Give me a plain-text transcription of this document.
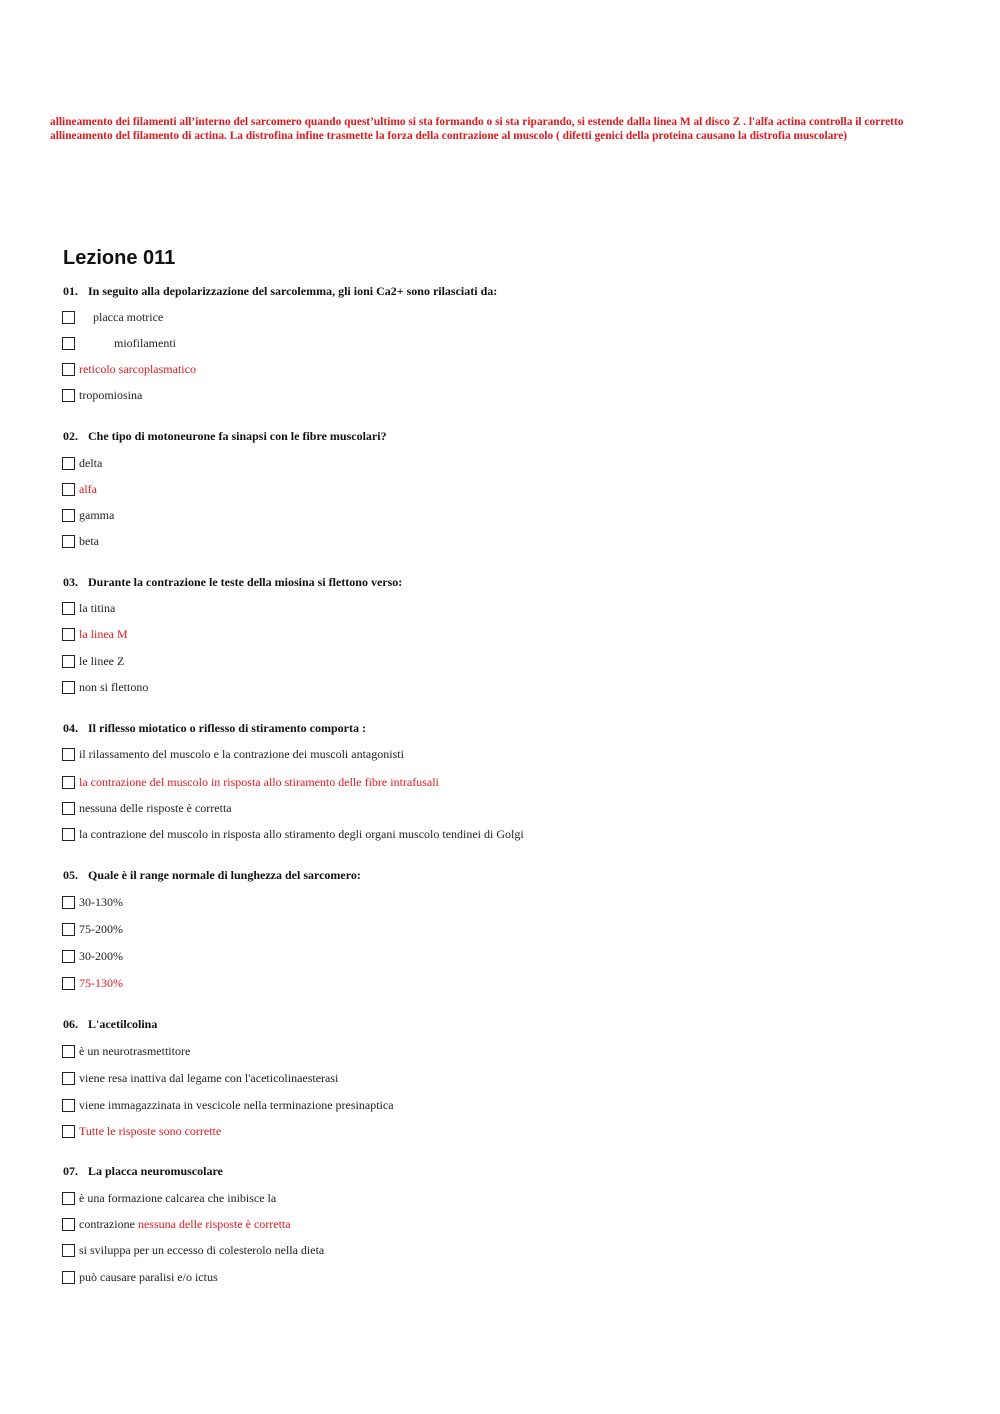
allineamento dei filamenti all’interno del sarcomero quando quest’ultimo si sta formando o si sta riparando, si estende dalla linea M al disco Z . l'alfa actina controlla il corretto
allineamento del filamento di actina. La distrofina infine trasmette la forza della contrazione al muscolo ( difetti genici della proteina causano la distrofia muscolare)
Lezione 011
01. In seguito alla depolarizzazione del sarcolemma, gli ioni Ca2+ sono rilasciati da:
placca motrice
miofilamenti
reticolo sarcoplasmatico
tropomiosina
02. Che tipo di motoneurone fa sinapsi con le fibre muscolari?
delta
alfa
gamma
beta
03. Durante la contrazione le teste della miosina si flettono verso:
la titina
la linea M
le linee Z
non si flettono
04. Il riflesso miotatico o riflesso di stiramento comporta :
il rilassamento del muscolo e la contrazione dei muscoli antagonisti
la contrazione del muscolo in risposta allo stiramento delle fibre intrafusali
nessuna delle risposte è corretta
la contrazione del muscolo in risposta allo stiramento degli organi muscolo tendinei di Golgi
05. Quale è il range normale di lunghezza del sarcomero:
30-130%
75-200%
30-200%
75-130%
06. L'acetilcolina
è un neurotrasmettitore
viene resa inattiva dal legame con l'aceticolinaesterasi
viene immagazzinata in vescicole nella terminazione presinaptica
Tutte le risposte sono corrette
07. La placca neuromuscolare
è una formazione calcarea che inibisce la
contrazione
nessuna delle risposte è corretta
si sviluppa per un eccesso di colesterolo nella dieta
può causare paralisi e/o ictus
